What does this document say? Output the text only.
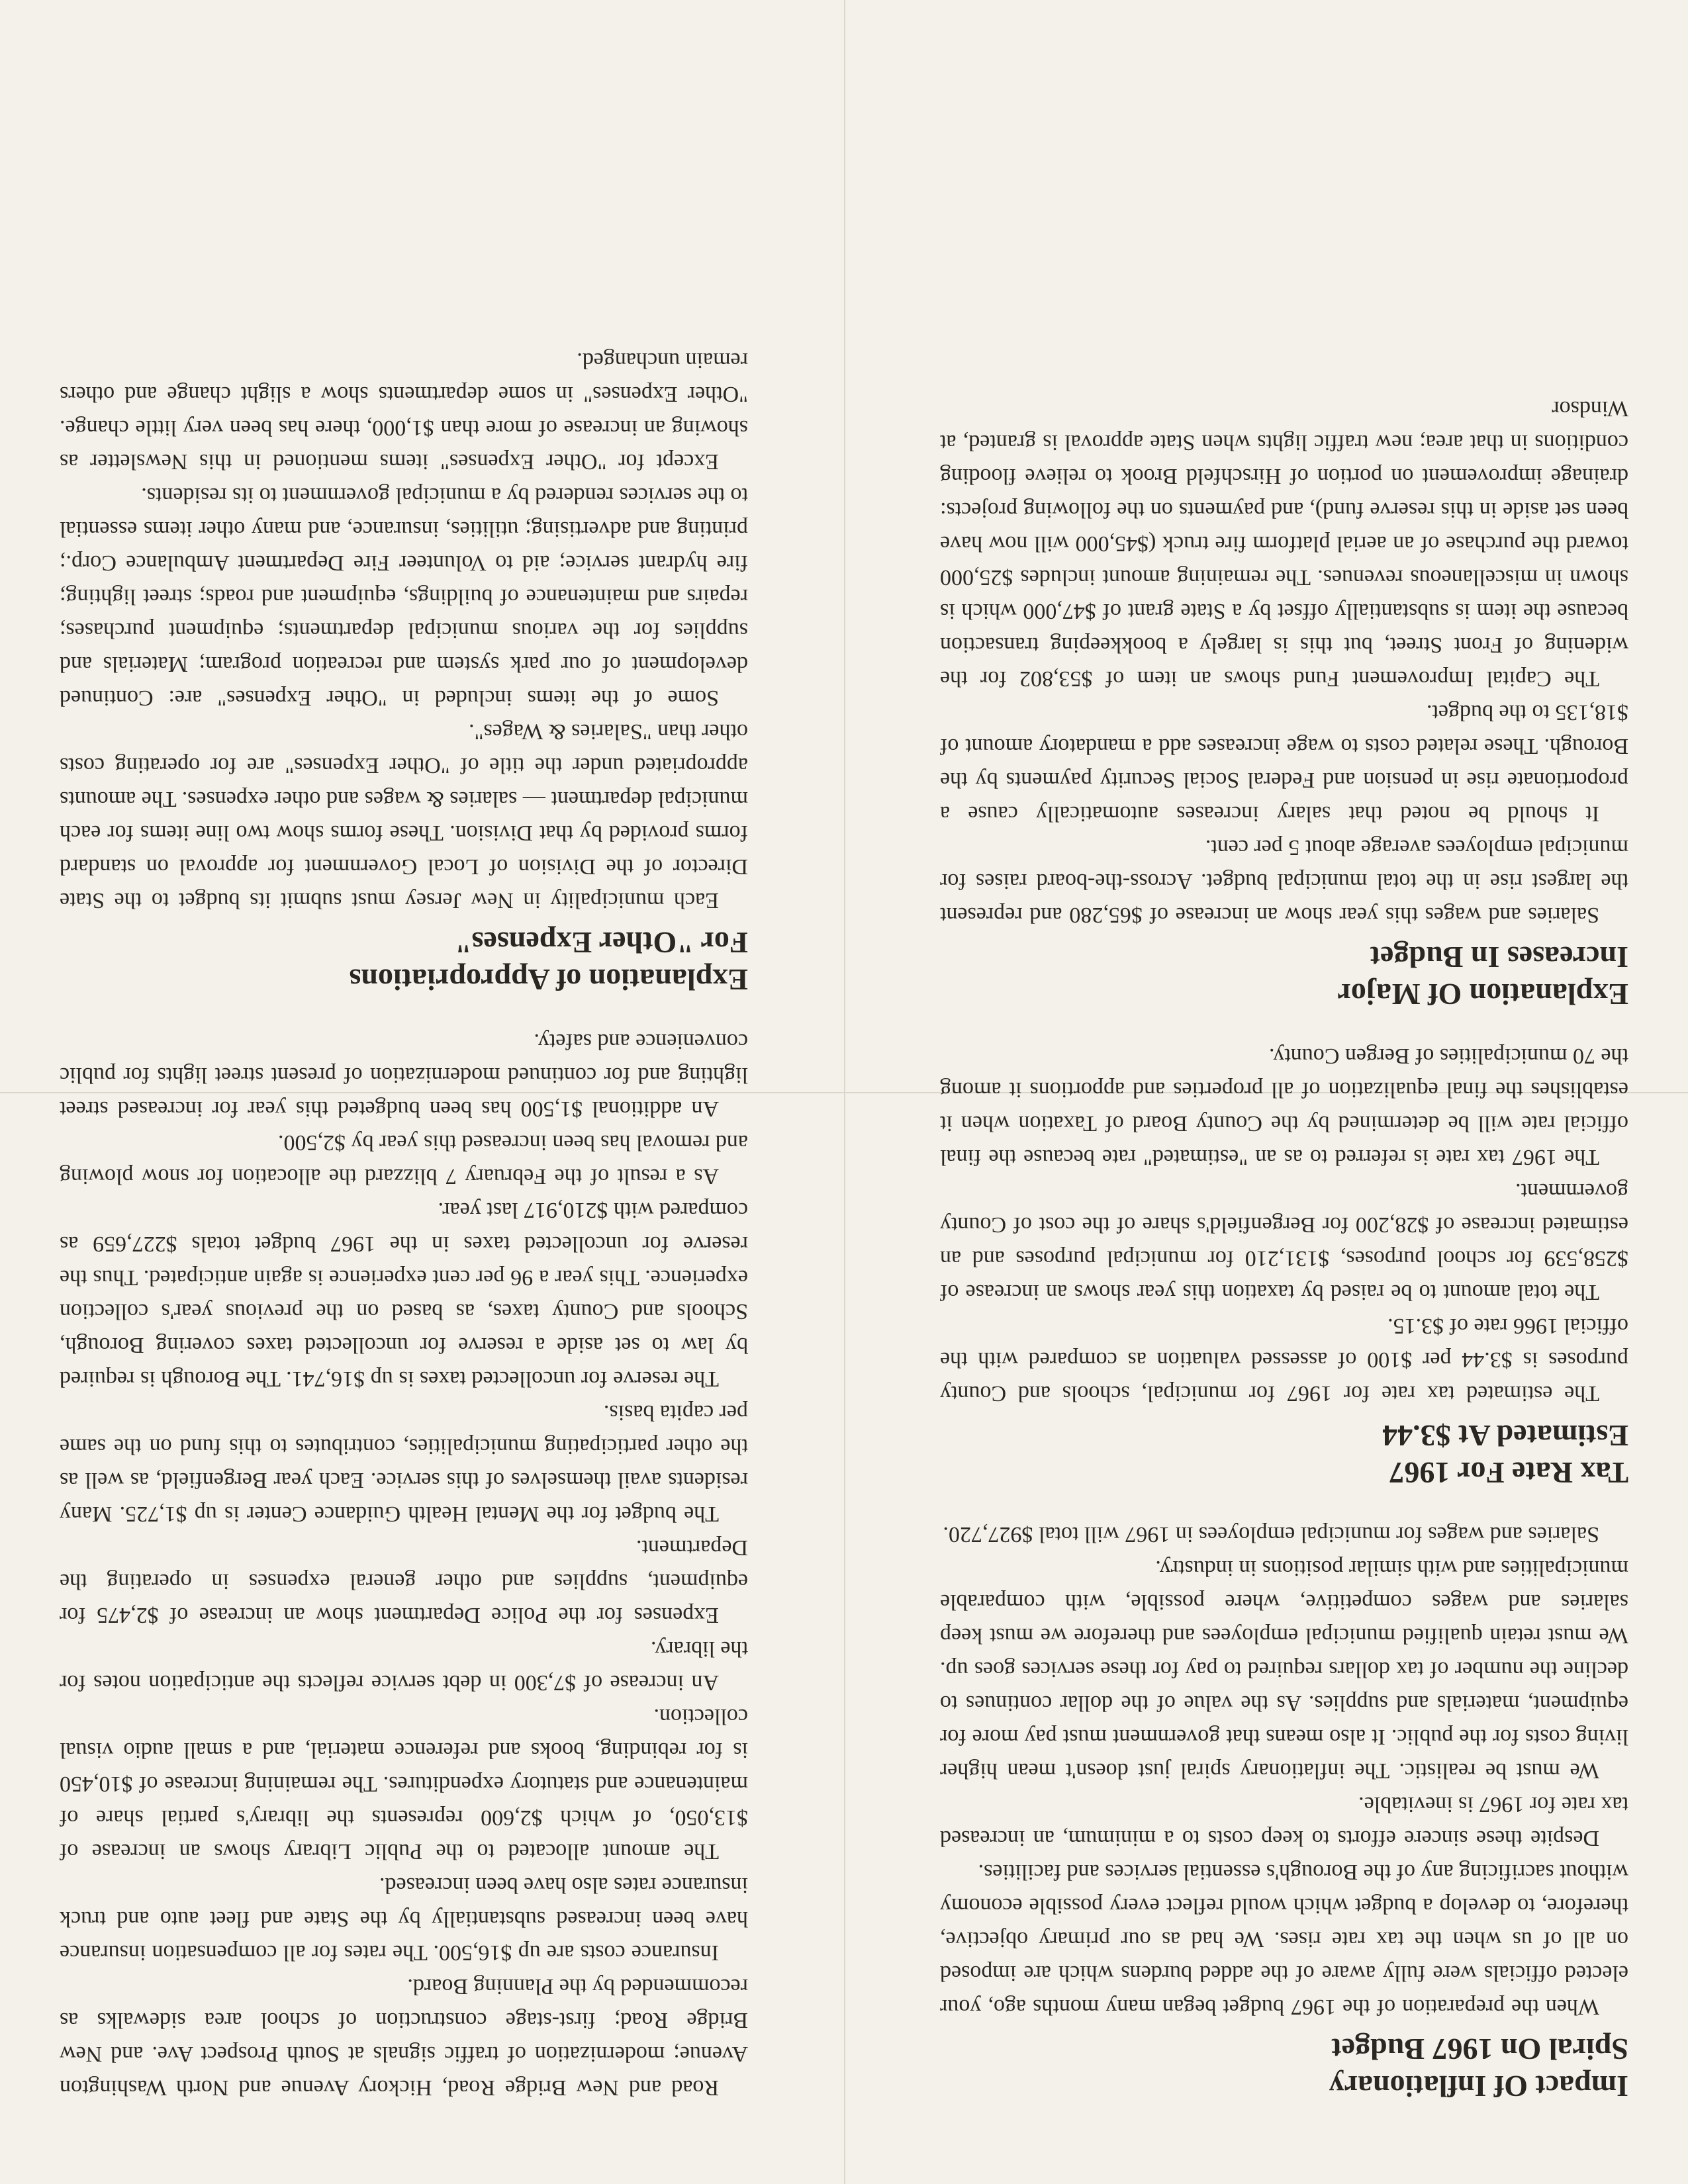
Impact Of Inflationary
Spiral On 1967 Budget

When the preparation of the 1967 budget began many months ago, your elected officials were fully aware of the added burdens which are imposed on all of us when the tax rate rises. We had as our primary objective, therefore, to develop a budget which would reflect every possible economy without sacrificing any of the Borough's essential services and facilities.

Despite these sincere efforts to keep costs to a minimum, an increased tax rate for 1967 is inevitable.

We must be realistic. The inflationary spiral just doesn't mean higher living costs for the public. It also means that government must pay more for equipment, materials and supplies. As the value of the dollar continues to decline the number of tax dollars required to pay for these services goes up. We must retain qualified municipal employees and therefore we must keep salaries and wages competitive, where possible, with comparable municipalities and with similar positions in industry.

Salaries and wages for municipal employees in 1967 will total $927,720.

Tax Rate For 1967
Estimated At $3.44

The estimated tax rate for 1967 for municipal, schools and County purposes is $3.44 per $100 of assessed valuation as compared with the official 1966 rate of $3.15.

The total amount to be raised by taxation this year shows an increase of $258,539 for school purposes, $131,210 for municipal purposes and an estimated increase of $28,200 for Bergenfield's share of the cost of County government.

The 1967 tax rate is referred to as an "estimated" rate because the final official rate will be determined by the County Board of Taxation when it establishes the final equalization of all properties and apportions it among the 70 municipalities of Bergen County.

Explanation Of Major
Increases In Budget

Salaries and wages this year show an increase of $65,280 and represent the largest rise in the total municipal budget. Across-the-board raises for municipal employees average about 5 per cent.

It should be noted that salary increases automatically cause a proportionate rise in pension and Federal Social Security payments by the Borough. These related costs to wage increases add a mandatory amount of $18,135 to the budget.

The Capital Improvement Fund shows an item of $53,802 for the widening of Front Street, but this is largely a bookkeeping transaction because the item is substantially offset by a State grant of $47,000 which is shown in miscellaneous revenues. The remaining amount includes $25,000 toward the purchase of an aerial platform fire truck ($45,000 will now have been set aside in this reserve fund), and payments on the following projects: drainage improvement on portion of Hirschfeld Brook to relieve flooding conditions in that area; new traffic lights when State approval is granted, at Windsor

Road and New Bridge Road, Hickory Avenue and North Washington Avenue; modernization of traffic signals at South Prospect Ave. and New Bridge Road; first-stage construction of school area sidewalks as recommended by the Planning Board.

Insurance costs are up $16,500. The rates for all compensation insurance have been increased substantially by the State and fleet auto and truck insurance rates also have been increased.

The amount allocated to the Public Library shows an increase of $13,050, of which $2,600 represents the library's partial share of maintenance and statutory expenditures. The remaining increase of $10,450 is for rebinding, books and reference material, and a small audio visual collection.

An increase of $7,300 in debt service reflects the anticipation notes for the library.

Expenses for the Police Department show an increase of $2,475 for equipment, supplies and other general expenses in operating the Department.

The budget for the Mental Health Guidance Center is up $1,725. Many residents avail themselves of this service. Each year Bergenfield, as well as the other participating municipalities, contributes to this fund on the same per capita basis.

The reserve for uncollected taxes is up $16,741. The Borough is required by law to set aside a reserve for uncollected taxes covering Borough, Schools and County taxes, as based on the previous year's collection experience. This year a 96 per cent experience is again anticipated. Thus the reserve for uncollected taxes in the 1967 budget totals $227,659 as compared with $210,917 last year.

As a result of the February 7 blizzard the allocation for snow plowing and removal has been increased this year by $2,500.

An additional $1,500 has been budgeted this year for increased street lighting and for continued modernization of present street lights for public convenience and safety.

Explanation of Appropriations
For "Other Expenses"

Each municipality in New Jersey must submit its budget to the State Director of the Division of Local Government for approval on standard forms provided by that Division. These forms show two line items for each municipal department — salaries & wages and other expenses. The amounts appropriated under the title of "Other Expenses" are for operating costs other than "Salaries & Wages".

Some of the items included in "Other Expenses" are: Continued development of our park system and recreation program; Materials and supplies for the various municipal departments; equipment purchases; repairs and maintenance of buildings, equipment and roads; street lighting; fire hydrant service; aid to Volunteer Fire Department Ambulance Corp.; printing and advertising; utilities, insurance, and many other items essential to the services rendered by a municipal government to its residents.

Except for "Other Expenses" items mentioned in this Newsletter as showing an increase of more than $1,000, there has been very little change. "Other Expenses" in some departments show a slight change and others remain unchanged.
